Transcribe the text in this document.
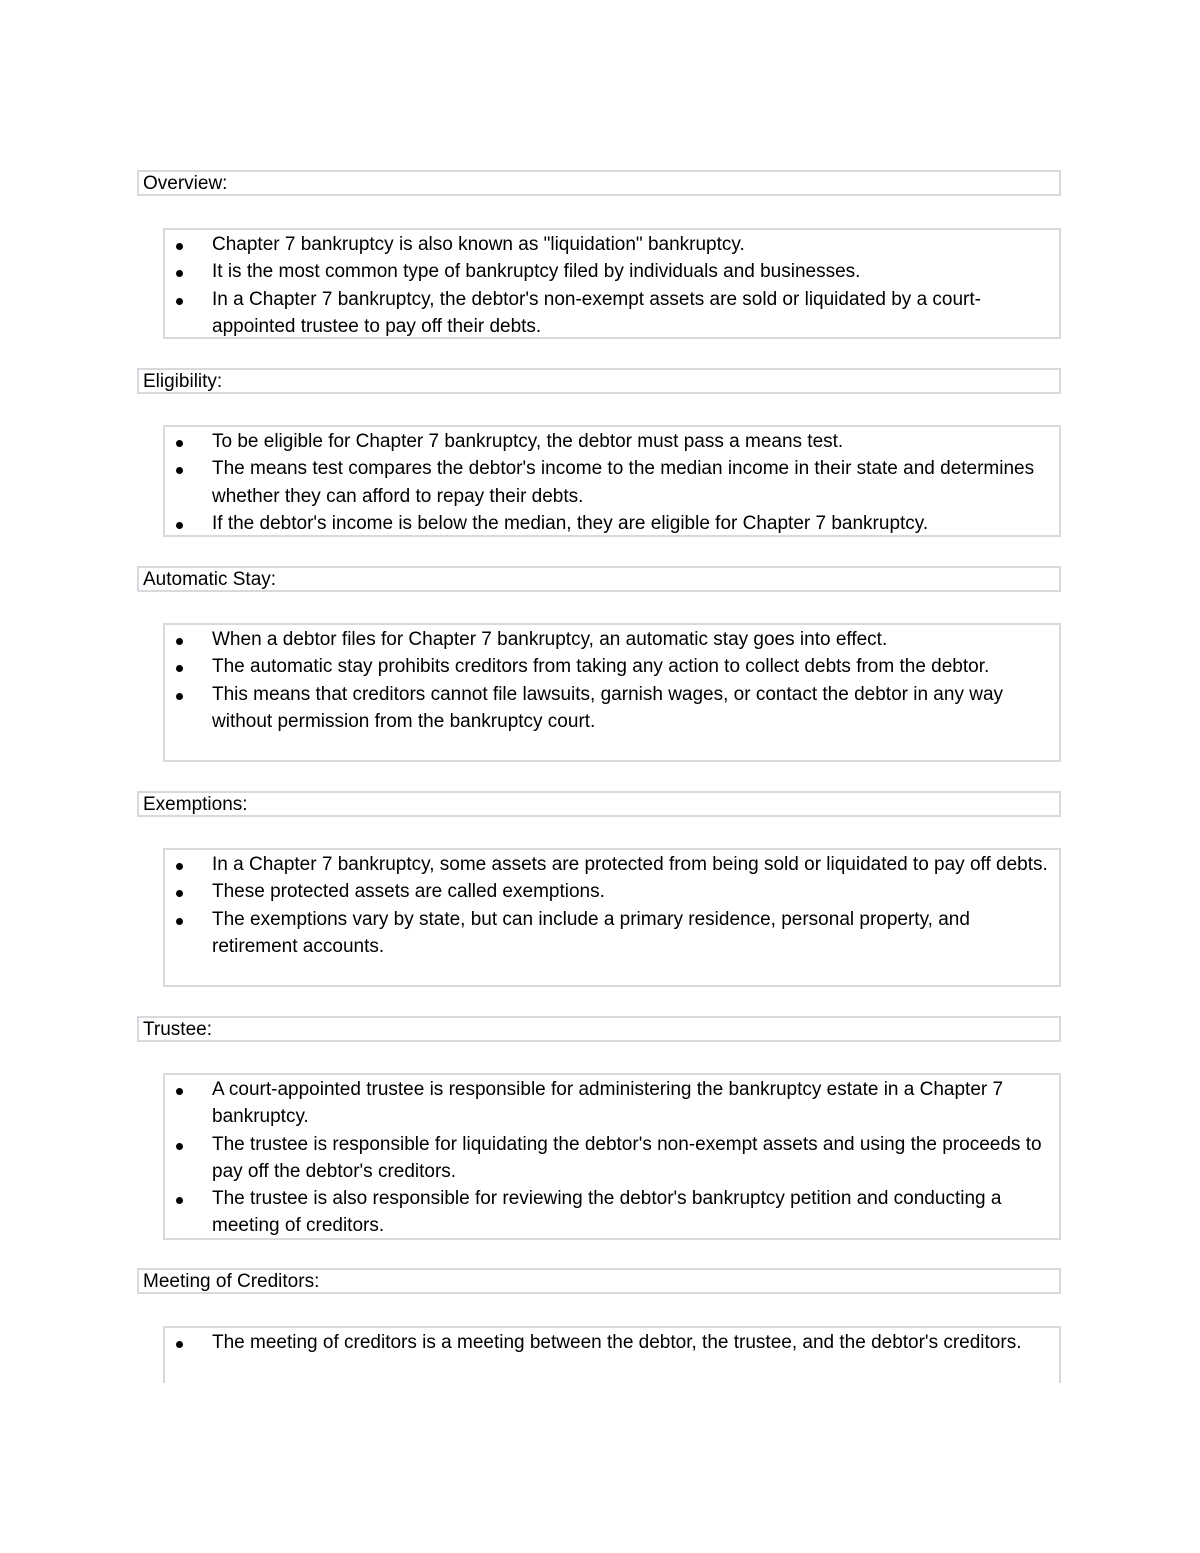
Overview:
Chapter 7 bankruptcy is also known as "liquidation" bankruptcy.
It is the most common type of bankruptcy filed by individuals and businesses.
In a Chapter 7 bankruptcy, the debtor's non-exempt assets are sold or liquidated by a court-appointed trustee to pay off their debts.
Eligibility:
To be eligible for Chapter 7 bankruptcy, the debtor must pass a means test.
The means test compares the debtor's income to the median income in their state and determines whether they can afford to repay their debts.
If the debtor's income is below the median, they are eligible for Chapter 7 bankruptcy.
Automatic Stay:
When a debtor files for Chapter 7 bankruptcy, an automatic stay goes into effect.
The automatic stay prohibits creditors from taking any action to collect debts from the debtor.
This means that creditors cannot file lawsuits, garnish wages, or contact the debtor in any way without permission from the bankruptcy court.
Exemptions:
In a Chapter 7 bankruptcy, some assets are protected from being sold or liquidated to pay off debts.
These protected assets are called exemptions.
The exemptions vary by state, but can include a primary residence, personal property, and retirement accounts.
Trustee:
A court-appointed trustee is responsible for administering the bankruptcy estate in a Chapter 7 bankruptcy.
The trustee is responsible for liquidating the debtor's non-exempt assets and using the proceeds to pay off the debtor's creditors.
The trustee is also responsible for reviewing the debtor's bankruptcy petition and conducting a meeting of creditors.
Meeting of Creditors:
The meeting of creditors is a meeting between the debtor, the trustee, and the debtor's creditors.
